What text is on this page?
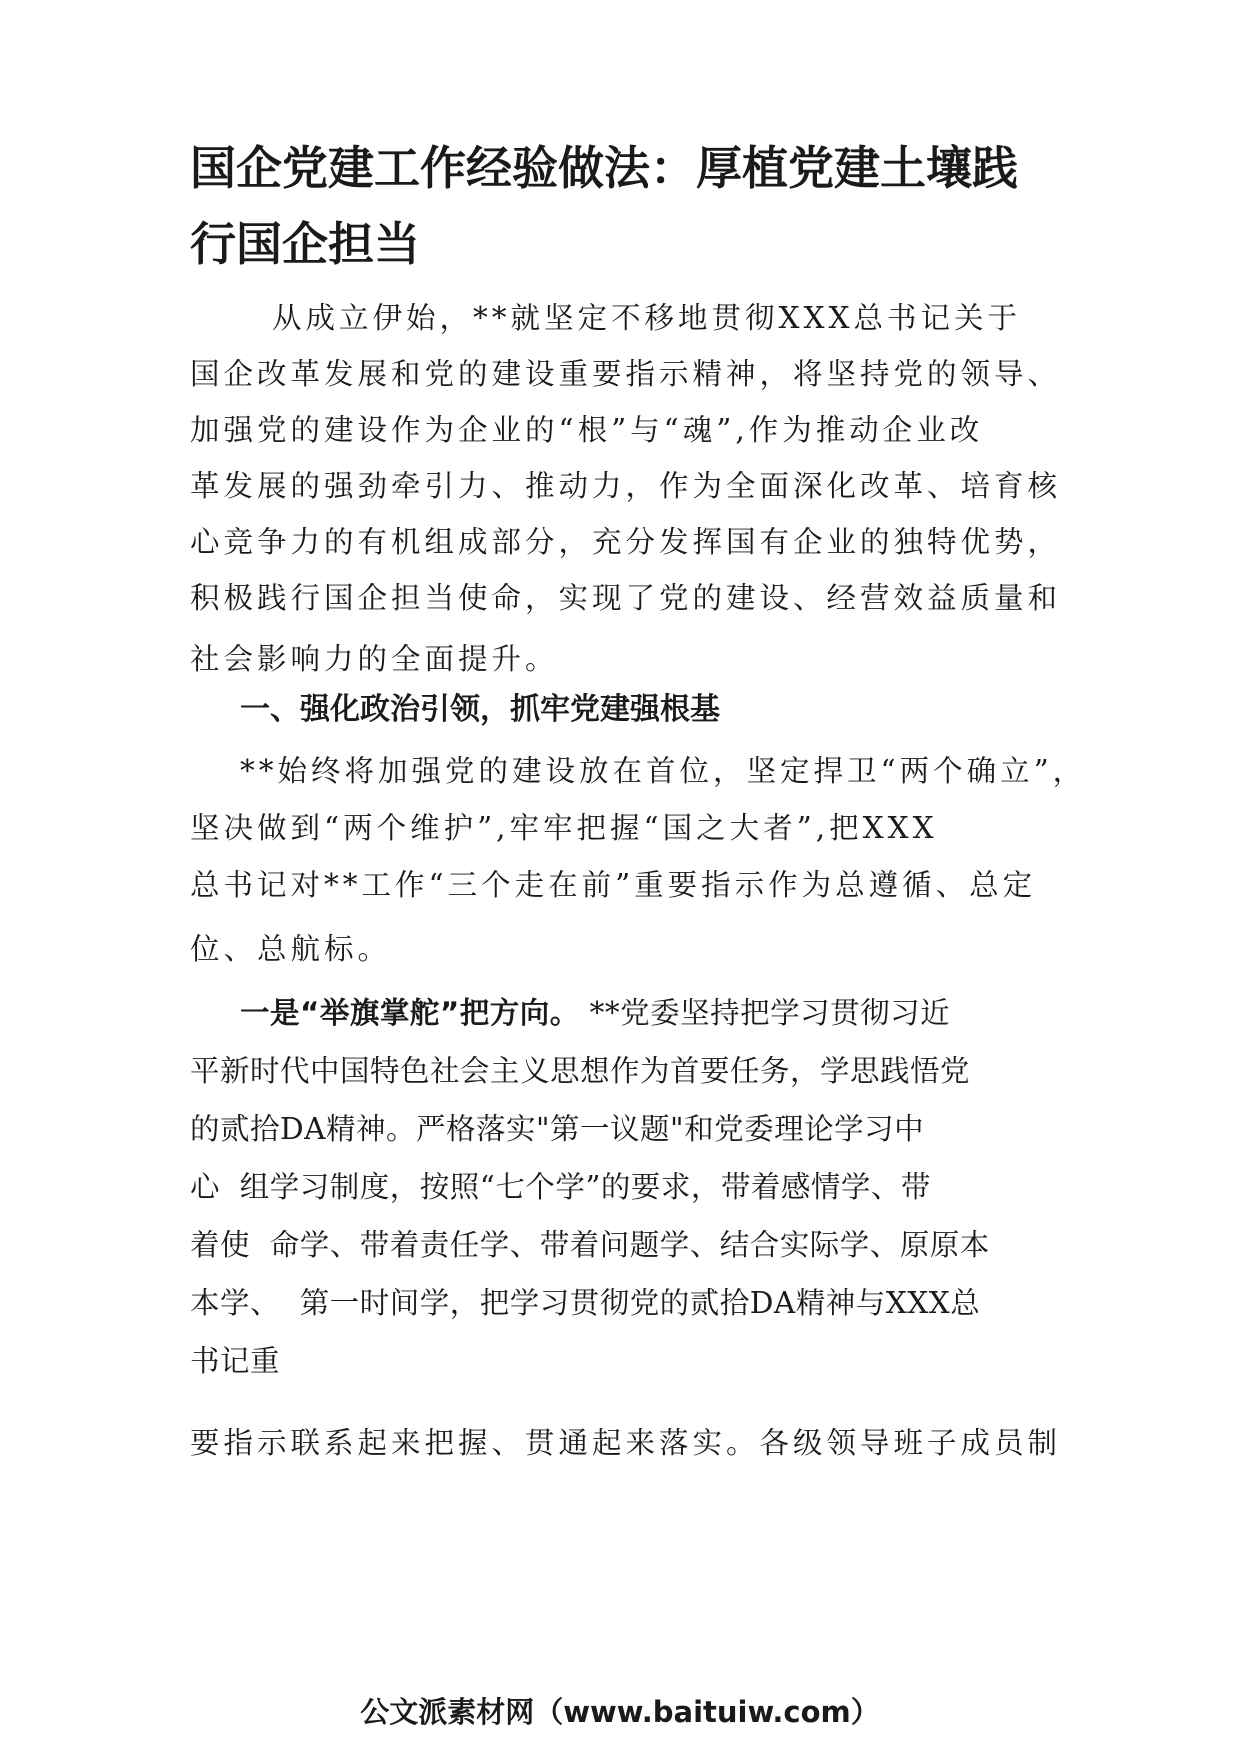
国企党建工作经验做法：厚植党建土壤践
行国企担当

从成立伊始，**就坚定不移地贯彻XXX总书记关于

国企改革发展和党的建设重要指示精神，将坚持党的领导、

加强党的建设作为企业的“根”与“魂”,作为推动企业改

革发展的强劲牵引力、推动力，作为全面深化改革、培育核

心竞争力的有机组成部分，充分发挥国有企业的独特优势，

积极践行国企担当使命，实现了党的建设、经营效益质量和

社会影响力的全面提升。

一、强化政治引领，抓牢党建强根基

**始终将加强党的建设放在首位，坚定捍卫“两个确立”，

坚决做到“两个维护”,牢牢把握“国之大者”,把XXX

总书记对**工作“三个走在前”重要指示作为总遵循、总定

位、总航标。

一是“举旗掌舵”把方向。 **党委坚持把学习贯彻习近

平新时代中国特色社会主义思想作为首要任务，学思践悟党

的贰拾DA精神。严格落实"第一议题"和党委理论学习中

心  组学习制度，按照“七个学”的要求，带着感情学、带

着使  命学、带着责任学、带着问题学、结合实际学、原原本

本学、  第一时间学，把学习贯彻党的贰拾DA精神与XXX总

书记重

要指示联系起来把握、贯通起来落实。各级领导班子成员制

公文派素材网（www.baituiw.com）
